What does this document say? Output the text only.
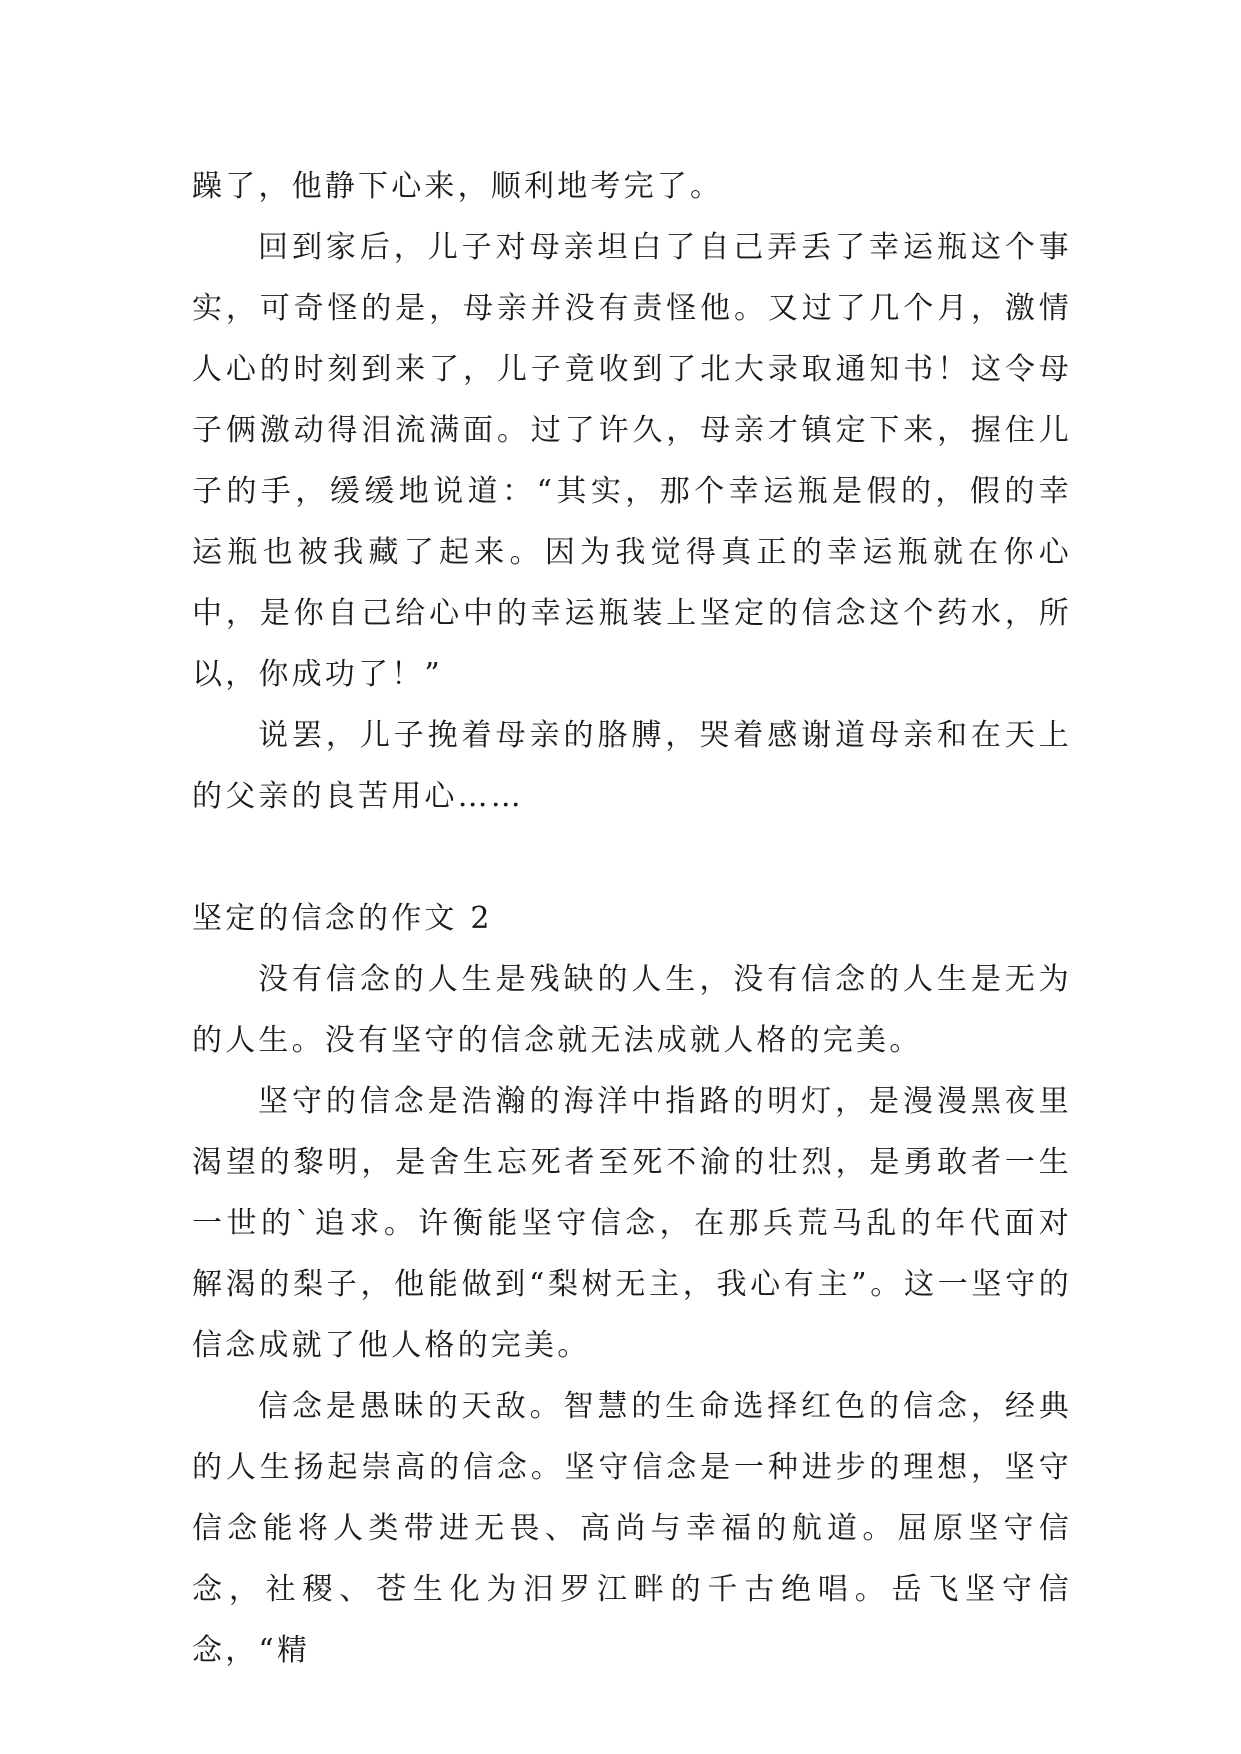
躁了，他静下心来，顺利地考完了。

回到家后，儿子对母亲坦白了自己弄丢了幸运瓶这个事实，可奇怪的是，母亲并没有责怪他。又过了几个月，激情人心的时刻到来了，儿子竟收到了北大录取通知书！这令母子俩激动得泪流满面。过了许久，母亲才镇定下来，握住儿子的手，缓缓地说道：“其实，那个幸运瓶是假的，假的幸运瓶也被我藏了起来。因为我觉得真正的幸运瓶就在你心中，是你自己给心中的幸运瓶装上坚定的信念这个药水，所以，你成功了！”

说罢，儿子挽着母亲的胳膊，哭着感谢道母亲和在天上的父亲的良苦用心……

坚定的信念的作文 2

没有信念的人生是残缺的人生，没有信念的人生是无为的人生。没有坚守的信念就无法成就人格的完美。

坚守的信念是浩瀚的海洋中指路的明灯，是漫漫黑夜里渴望的黎明，是舍生忘死者至死不渝的壮烈，是勇敢者一生一世的`追求。许衡能坚守信念，在那兵荒马乱的年代面对解渴的梨子，他能做到“梨树无主，我心有主”。这一坚守的信念成就了他人格的完美。

信念是愚昧的天敌。智慧的生命选择红色的信念，经典的人生扬起崇高的信念。坚守信念是一种进步的理想，坚守信念能将人类带进无畏、高尚与幸福的航道。屈原坚守信念，社稷、苍生化为汨罗江畔的千古绝唱。岳飞坚守信念，“精
